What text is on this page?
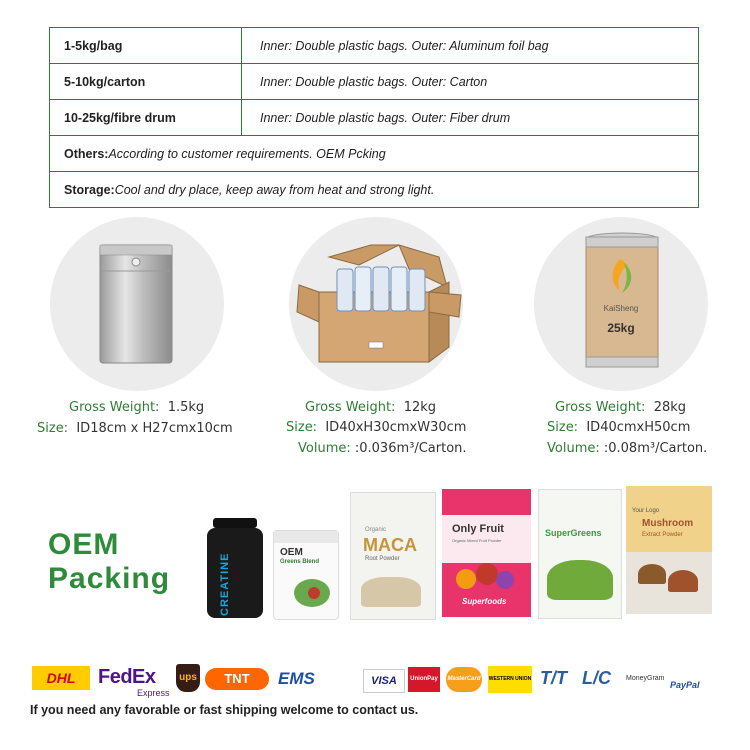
1-5kg/bag	Inner: Double plastic bags. Outer: Aluminum foil bag
5-10kg/carton	Inner: Double plastic bags. Outer: Carton
10-25kg/fibre drum	Inner: Double plastic bags. Outer: Fiber drum
Others: According to customer requirements. OEM Pcking
Storage: Cool and dry place, keep away from heat and strong light.
KaiSheng
25kg
Gross Weight: 1.5kg
Size: ID18cm x H27cmx10cm
Gross Weight: 12kg
Size: ID40xH30cmxW30cm
Volume: :0.036m³/Carton.
Gross Weight: 28kg
Size: ID40cmxH50cm
Volume: :0.08m³/Carton.
OEM
Packing	CREATINE
OEM
Greens Blend
Organic
MACA
Root Powder
Only Fruit
Organic Mixed Fruit Powder
Superfoods
SuperGreens
Your Logo
Mushroom
Extract Powder
DHL	FedEx
Express
ups	TNT	EMS	VISA	UnionPay	MasterCard	WESTERN UNION T/T L/C MoneyGram
PayPal
If you need any favorable or fast shipping welcome to contact us.
